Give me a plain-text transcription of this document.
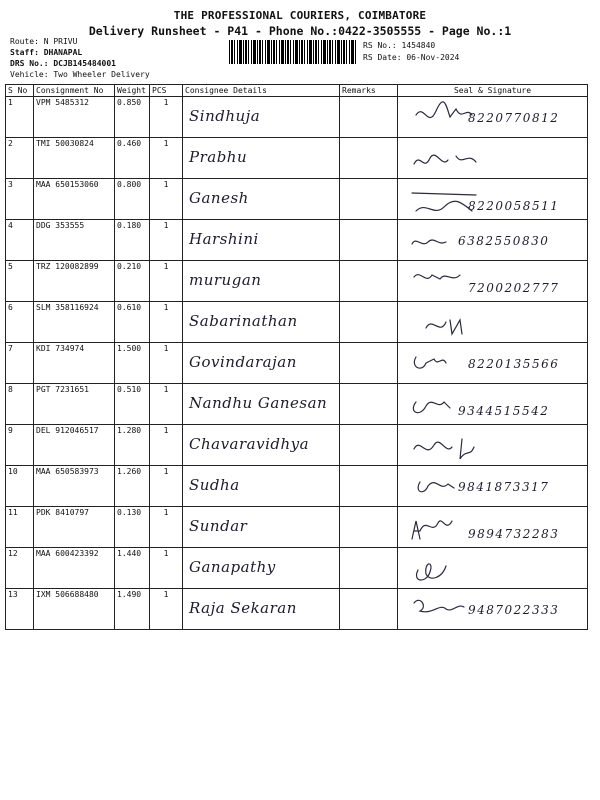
THE PROFESSIONAL COURIERS, COIMBATORE
Delivery Runsheet - P41 - Phone No.:0422-3505555 - Page No.:1
Route: N PRIVU
Staff: DHANAPAL
DRS No.: DCJB145484001
Vehicle: Two Wheeler Delivery
RS No.: 1454840
RS Date: 06-Nov-2024
S No	Consignment No	Weight	PCS	Consignee Details	Remarks	Seal & Signature
1	VPM 5485312	0.850	1	Sindhuja		8220770812

2	TMI 50030824	0.460	1	Prabhu

3	MAA 650153060	0.800	1	Ganesh		8220058511

4	DDG 353555	0.180	1	Harshini		6382550830

5	TRZ 120082899	0.210	1	murugan		7200202777

6	SLM 358116924	0.610	1	Sabarinathan

7	KDI 734974	1.500	1	Govindarajan		8220135566

8	PGT 7231651	0.510	1	Nandhu Ganesan		9344515542

9	DEL 912046517	1.280	1	Chavaravidhya

10	MAA 650583973	1.260	1	Sudha		9841873317

11	PDK 8410797	0.130	1	Sundar		9894732283

12	MAA 600423392	1.440	1	Ganapathy

13	IXM 506688480	1.490	1	Raja Sekaran		9487022333
